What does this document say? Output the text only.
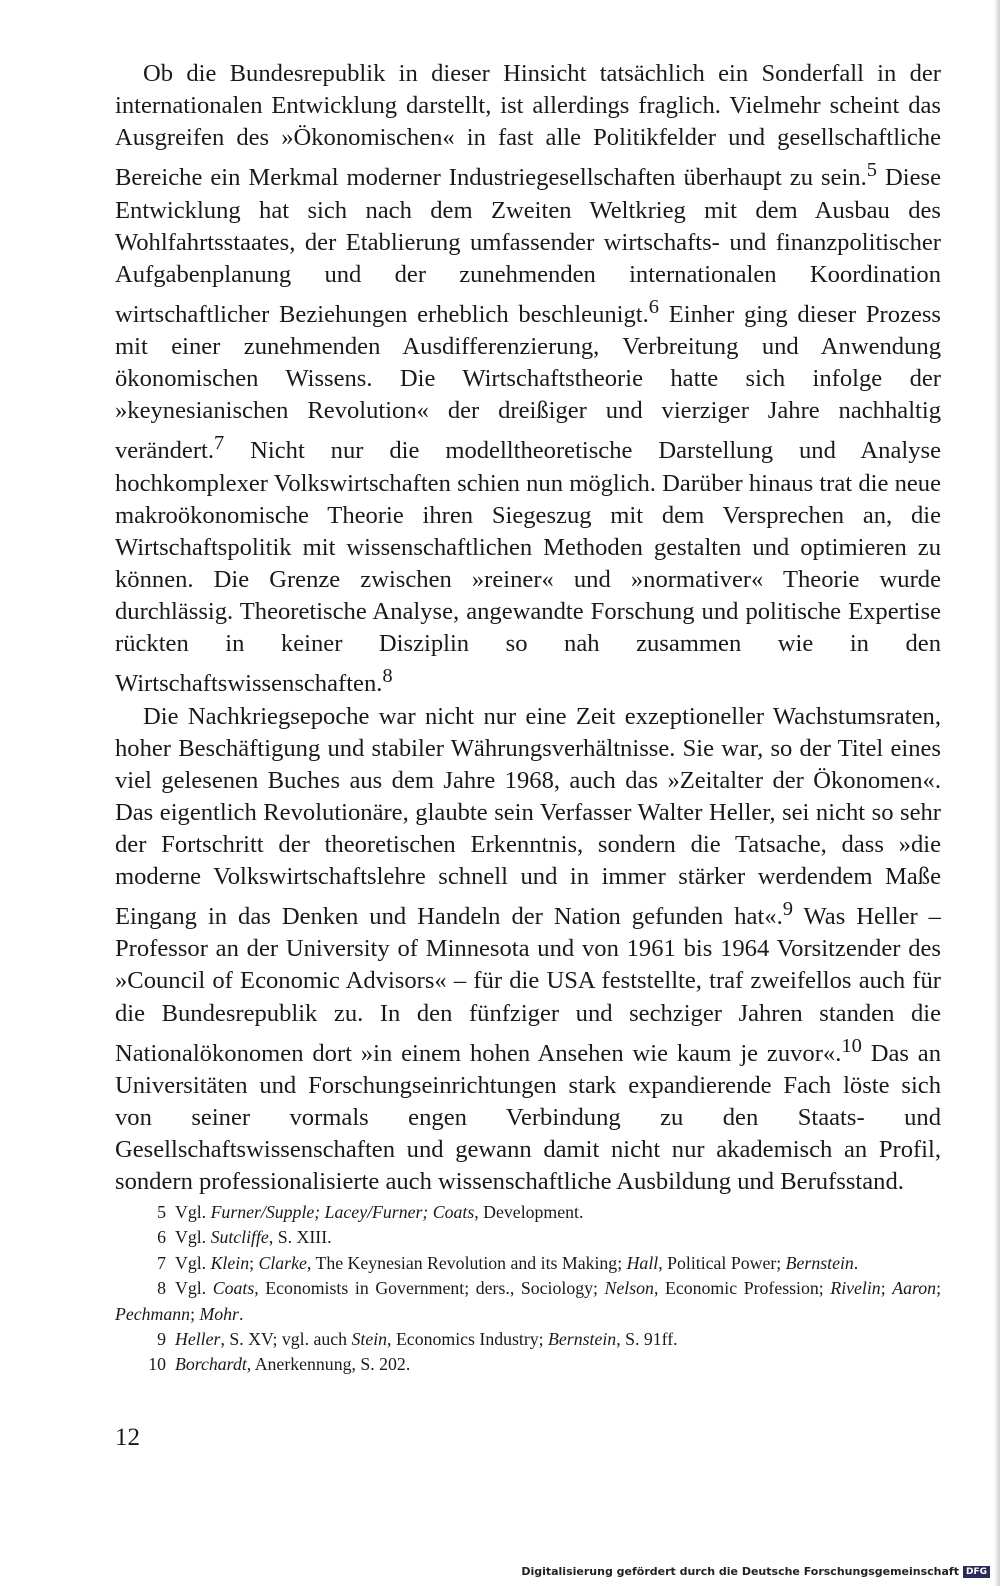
Ob die Bundesrepublik in dieser Hinsicht tatsächlich ein Sonderfall in der internationalen Entwicklung darstellt, ist allerdings fraglich. Vielmehr scheint das Ausgreifen des »Ökonomischen« in fast alle Politikfelder und gesellschaftliche Bereiche ein Merkmal moderner Industriegesellschaften überhaupt zu sein.$^5$ Diese Entwicklung hat sich nach dem Zweiten Weltkrieg mit dem Ausbau des Wohlfahrtsstaates, der Etablierung umfassender wirtschafts- und finanzpolitischer Aufgabenplanung und der zunehmenden internationalen Koordination wirtschaftlicher Beziehungen erheblich beschleunigt.$^6$ Einher ging dieser Prozess mit einer zunehmenden Ausdifferenzierung, Verbreitung und Anwendung ökonomischen Wissens. Die Wirtschaftstheorie hatte sich infolge der »keynesianischen Revolution« der dreißiger und vierziger Jahre nachhaltig verändert.$^7$ Nicht nur die modelltheoretische Darstellung und Analyse hochkomplexer Volkswirtschaften schien nun möglich. Darüber hinaus trat die neue makroökonomische Theorie ihren Siegeszug mit dem Versprechen an, die Wirtschaftspolitik mit wissenschaftlichen Methoden gestalten und optimieren zu können. Die Grenze zwischen »reiner« und »normativer« Theorie wurde durchlässig. Theoretische Analyse, angewandte Forschung und politische Expertise rückten in keiner Disziplin so nah zusammen wie in den Wirtschaftswissenschaften.$^8$

Die Nachkriegsepoche war nicht nur eine Zeit exzeptioneller Wachstumsraten, hoher Beschäftigung und stabiler Währungsverhältnisse. Sie war, so der Titel eines viel gelesenen Buches aus dem Jahre 1968, auch das »Zeitalter der Ökonomen«. Das eigentlich Revolutionäre, glaubte sein Verfasser Walter Heller, sei nicht so sehr der Fortschritt der theoretischen Erkenntnis, sondern die Tatsache, dass »die moderne Volkswirtschaftslehre schnell und in immer stärker werdendem Maße Eingang in das Denken und Handeln der Nation gefunden hat«.$^9$ Was Heller – Professor an der University of Minnesota und von 1961 bis 1964 Vorsitzender des »Council of Economic Advisors« – für die USA feststellte, traf zweifellos auch für die Bundesrepublik zu. In den fünfziger und sechziger Jahren standen die Nationalökonomen dort »in einem hohen Ansehen wie kaum je zuvor«.$^{10}$ Das an Universitäten und Forschungseinrichtungen stark expandierende Fach löste sich von seiner vormals engen Verbindung zu den Staats- und Gesellschaftswissenschaften und gewann damit nicht nur akademisch an Profil, sondern professionalisierte auch wissenschaftliche Ausbildung und Berufsstand.

5 Vgl. Furner/Supple; Lacey/Furner; Coats, Development.

6 Vgl. Sutcliffe, S. XIII.

7 Vgl. Klein; Clarke, The Keynesian Revolution and its Making; Hall, Political Power; Bernstein.

8 Vgl. Coats, Economists in Government; ders., Sociology; Nelson, Economic Profession; Rivelin; Aaron; Pechmann; Mohr.

9 Heller, S. XV; vgl. auch Stein, Economics Industry; Bernstein, S. 91ff.

10 Borchardt, Anerkennung, S. 202.

12
Digitalisierung gefördert durch die Deutsche Forschungsgemeinschaft DFG
